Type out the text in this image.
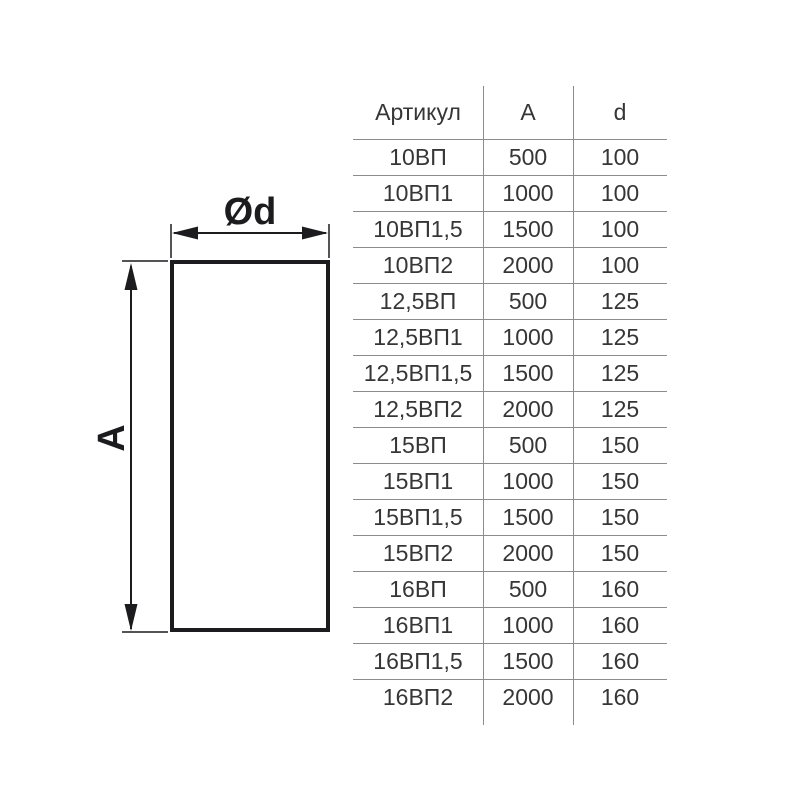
Ød
A
Артикул	A	d
10ВП	500	100
10ВП1	1000	100
10ВП1,5	1500	100
10ВП2	2000	100
12,5ВП	500	125
12,5ВП1	1000	125
12,5ВП1,5	1500	125
12,5ВП2	2000	125
15ВП	500	150
15ВП1	1000	150
15ВП1,5	1500	150
15ВП2	2000	150
16ВП	500	160
16ВП1	1000	160
16ВП1,5	1500	160
16ВП2	2000	160
